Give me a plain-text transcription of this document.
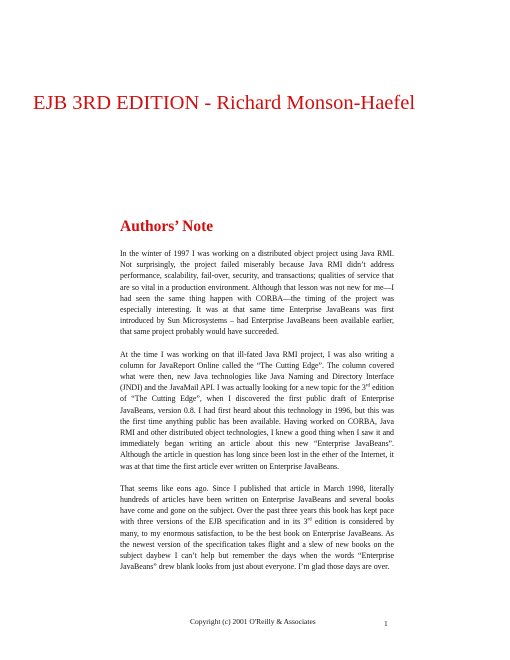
EJB 3RD EDITION - Richard Monson-Haefel
Authors’ Note

In the winter of 1997 I was working on a distributed object project using Java RMI. Not surprisingly, the project failed miserably because Java RMI didn’t address performance, scalability, fail-over, security, and transactions; qualities of service that are so vital in a production environment. Although that lesson was not new for me—I had seen the same thing happen with CORBA—the timing of the project was especially interesting. It was at that same time Enterprise JavaBeans was first introduced by Sun Microsystems – had Enterprise JavaBeans been available earlier, that same project probably would have succeeded.

At the time I was working on that ill-fated Java RMI project, I was also writing a column for JavaReport Online called the “The Cutting Edge”. The column covered what were then, new Java technologies like Java Naming and Directory Interface (JNDI) and the JavaMail API. I was actually looking for a new topic for the 3rd edition of “The Cutting Edge”, when I discovered the first public draft of Enterprise JavaBeans, version 0.8. I had first heard about this technology in 1996, but this was the first time anything public has been available. Having worked on CORBA, Java RMI and other distributed object technologies, I knew a good thing when I saw it and immediately began writing an article about this new “Enterprise JavaBeans”. Although the article in question has long since been lost in the ether of the Internet, it was at that time the first article ever written on Enterprise JavaBeans.

That seems like eons ago. Since I published that article in March 1998, literally hundreds of articles have been written on Enterprise JavaBeans and several books have come and gone on the subject. Over the past three years this book has kept pace with three versions of the EJB specification and in its 3rd edition is considered by many, to my enormous satisfaction, to be the best book on Enterprise JavaBeans. As the newest version of the specification takes flight and a slew of new books on the subject daybew I can’t help but remember the days when the words “Enterprise JavaBeans” drew blank looks from just about everyone. I’m glad those days are over.

Copyright (c) 2001 O'Reilly & Associates	1
